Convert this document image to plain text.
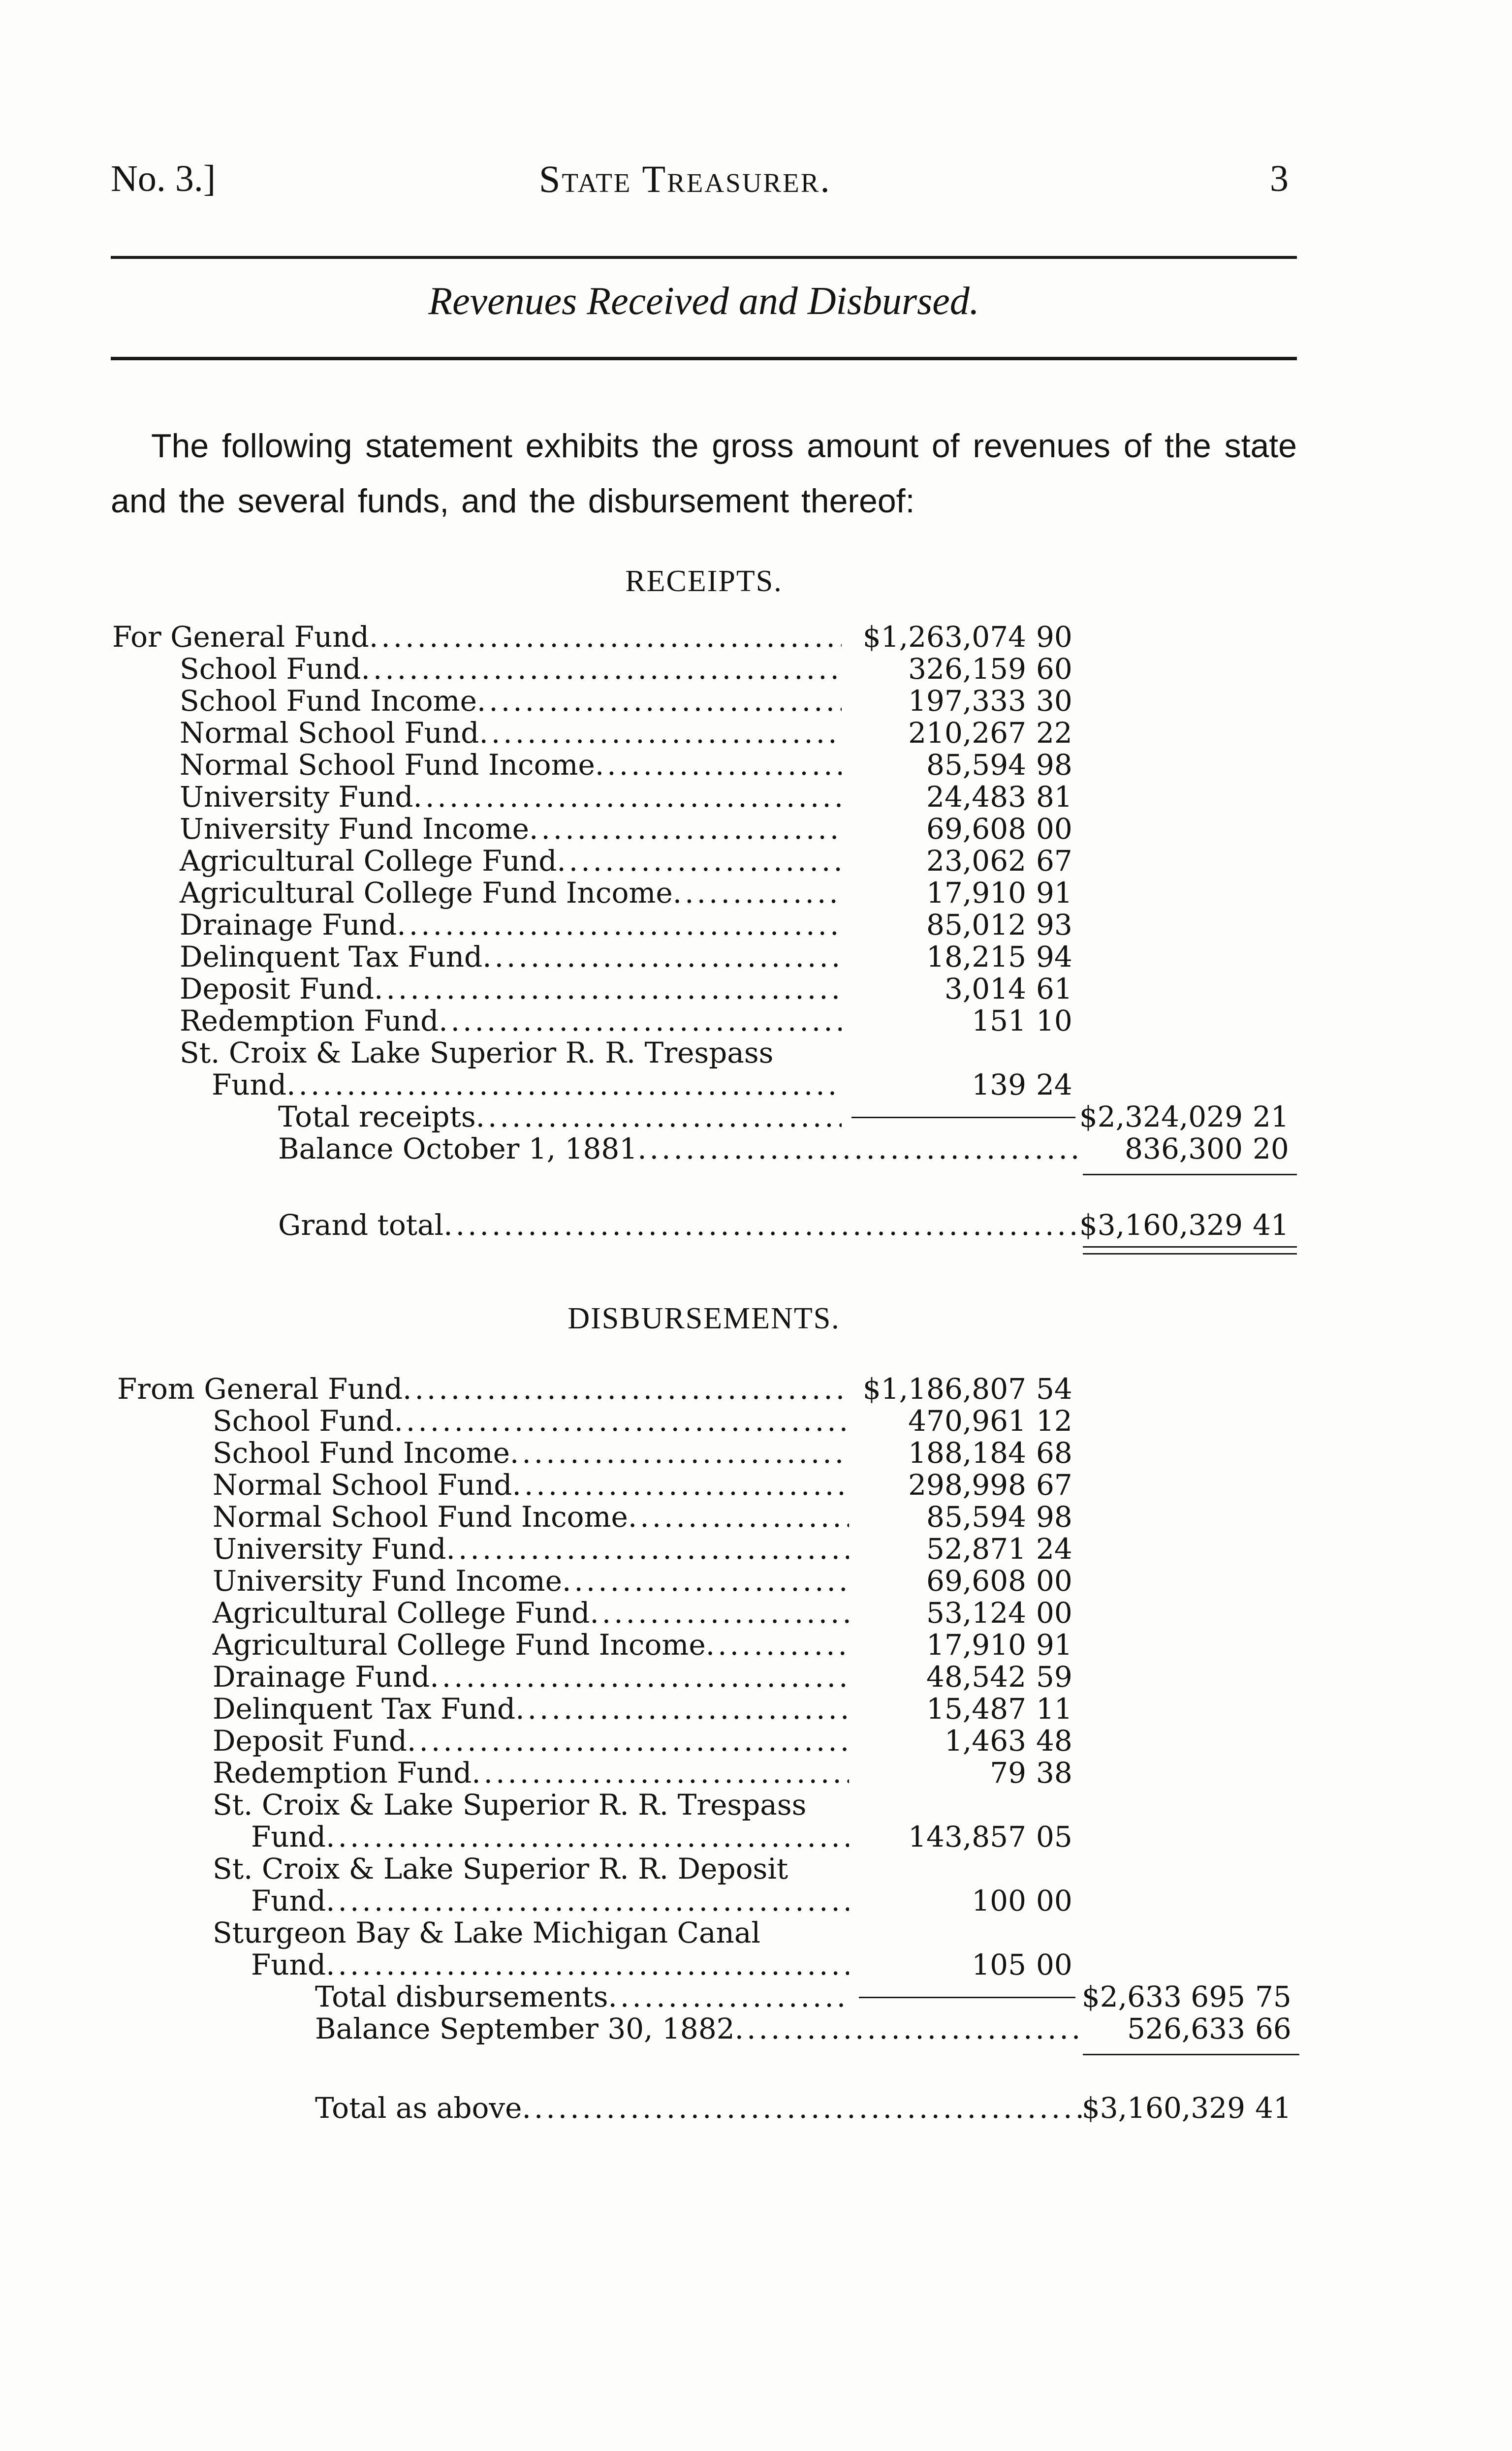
No. 3.]	State Treasurer.	3
Revenues Received and Disbursed.

The following statement exhibits the gross amount of revenues of the state and the several funds, and the disbursement thereof:

RECEIPTS.
For General Fund .....	$1,263,074 90
School Fund .....	326,159 60
School Fund Income .....	197,333 30
Normal School Fund .....	210,267 22
Normal School Fund Income .....	85,594 98
University Fund .....	24,483 81
University Fund Income .....	69,608 00
Agricultural College Fund .....	23,062 67
Agricultural College Fund Income .....	17,910 91
Drainage Fund .....	85,012 93
Delinquent Tax Fund .....	18,215 94
Deposit Fund .....	3,014 61
Redemption Fund .....	151 10
St. Croix & Lake Superior R. R. Trespass
Fund .....	139 24
Total receipts .....	$2,324,029 21
Balance October 1, 1881 .....	836,300 20
Grand total .....	$3,160,329 41
DISBURSEMENTS.
From General Fund .....	$1,186,807 54
School Fund .....	470,961 12
School Fund Income .....	188,184 68
Normal School Fund .....	298,998 67
Normal School Fund Income .....	85,594 98
University Fund .....	52,871 24
University Fund Income .....	69,608 00
Agricultural College Fund .....	53,124 00
Agricultural College Fund Income .....	17,910 91
Drainage Fund .....	48,542 59
Delinquent Tax Fund .....	15,487 11
Deposit Fund .....	1,463 48
Redemption Fund .....	79 38
St. Croix & Lake Superior R. R. Trespass
Fund .....	143,857 05
St. Croix & Lake Superior R. R. Deposit
Fund .....	100 00
Sturgeon Bay & Lake Michigan Canal
Fund .....	105 00
Total disbursements .....	$2,633 695 75
Balance September 30, 1882 .....	526,633 66
Total as above .....	$3,160,329 41
